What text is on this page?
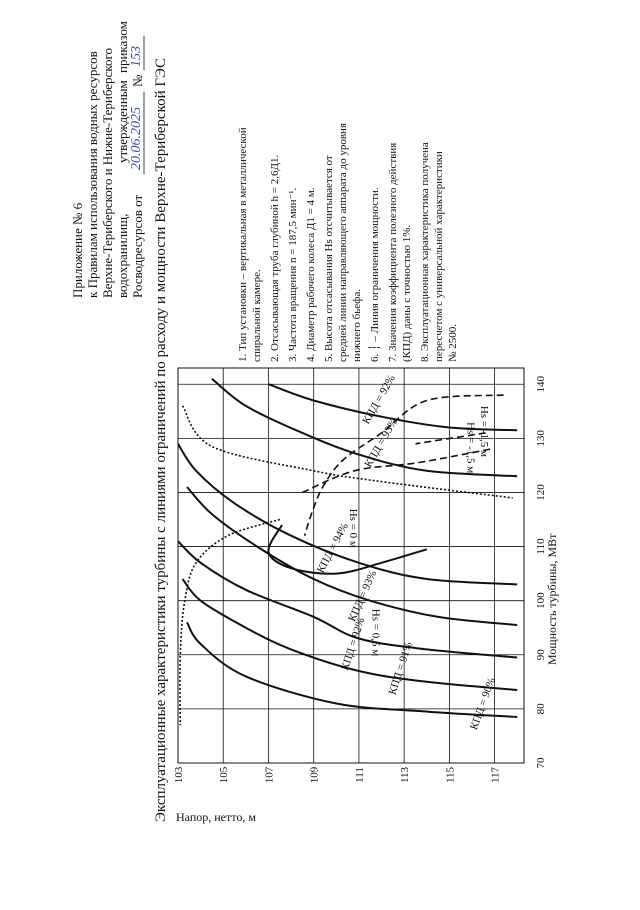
Приложение № 6 к Правилам использования водных ресурсов Верхне-Териберского и Нижне-Териберского водохранилищ,
утвержденным
приказом
Росводресурсов от
20.06.2025
№
153
Эксплуатационные характеристики турбины с линиями ограничений по расходу и мощности Верхне-Териберской ГЭС	1. Тип установки – вертикальная в металлической спиральной камере. 2. Отсасывающая труба глубиной h = 2,6Д1. 3. Частота вращения n = 187,5 мин⁻¹. 4. Диаметр рабочего колеса Д1 = 4 м. 5. Высота отсасывания Hs отсчитывается от средней линии направляющего аппарата до уровня нижнего бьефа. 6. ┆ – Линия ограничения мощности. 7. Значения коэффициента полезного действия (КПД) даны с точностью 1%. 8. Эксплуатационная характеристика получена пересчетом с универсальной характеристики № 2500.
70
80
90
100
110
120
130
140
103	105	107	109	111	113	115	117
КПД = 90%
КПД = 91%
КПД = 92%
КПД = 93%
КПД = 94%
КПД = 93%
КПД = 92%
Hs = -1,5 м
Hs = -1,5 м
Hs = 0 м
Hs = 0,5 м	Мощность турбины, МВт
Напор, нетто, м
